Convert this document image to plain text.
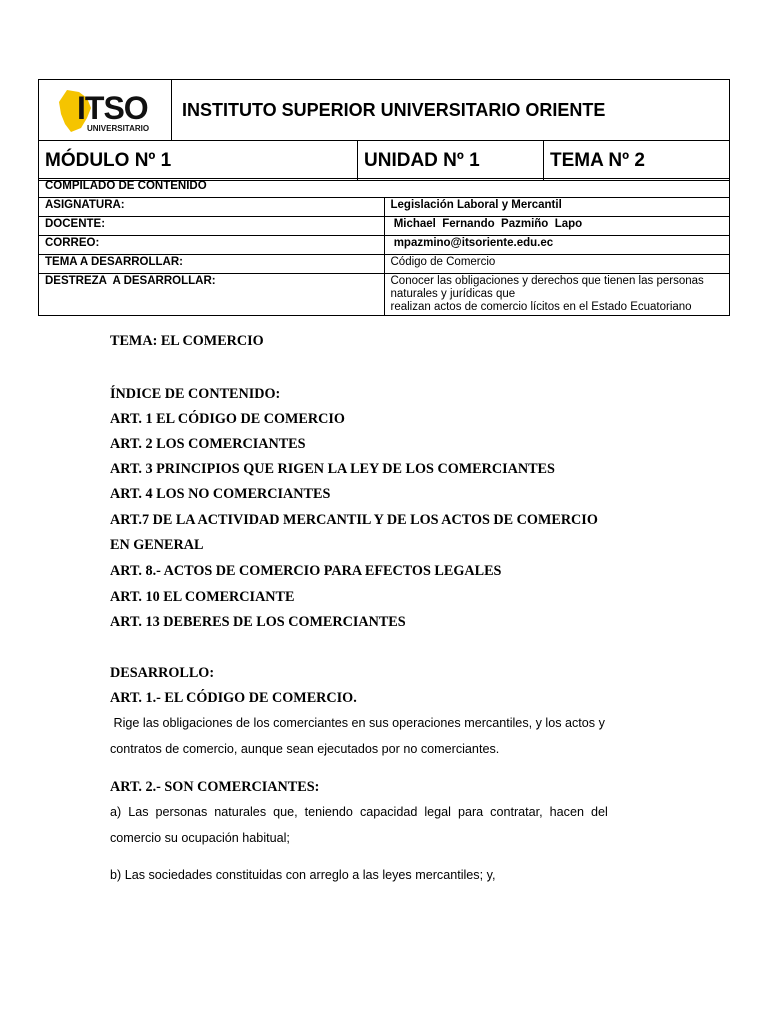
ITSO
UNIVERSITARIO	INSTITUTO SUPERIOR UNIVERSITARIO ORIENTE		
MÓDULO Nº 1		UNIDAD Nº 1	TEMA Nº 2
COMPILADO DE CONTENIDO	
ASIGNATURA:	Legislación Laboral y Mercantil
DOCENTE:	Michael  Fernando  Pazmiño  Lapo
CORREO:	mpazmino@itsoriente.edu.ec
TEMA A DESARROLLAR:	Código de Comercio
DESTREZA  A DESARROLLAR:	Conocer las obligaciones y derechos que tienen las personas naturales y jurídicas que
realizan actos de comercio lícitos en el Estado Ecuatoriano
TEMA: EL COMERCIO
ÍNDICE DE CONTENIDO:
ART. 1 EL CÓDIGO DE COMERCIO
ART. 2 LOS COMERCIANTES
ART. 3 PRINCIPIOS QUE RIGEN LA LEY DE LOS COMERCIANTES
ART. 4 LOS NO COMERCIANTES
ART.7 DE LA ACTIVIDAD MERCANTIL Y DE LOS ACTOS DE COMERCIO
EN GENERAL
ART. 8.- ACTOS DE COMERCIO PARA EFECTOS LEGALES
ART. 10 EL COMERCIANTE
ART. 13 DEBERES DE LOS COMERCIANTES
DESARROLLO:
ART. 1.- EL CÓDIGO DE COMERCIO.
Rige las obligaciones de los comerciantes en sus operaciones mercantiles, y los actos y
contratos de comercio, aunque sean ejecutados por no comerciantes.
ART. 2.- SON COMERCIANTES:
a)  Las  personas  naturales  que,  teniendo  capacidad  legal  para  contratar,  hacen  del
comercio su ocupación habitual;
b) Las sociedades constituidas con arreglo a las leyes mercantiles; y,
